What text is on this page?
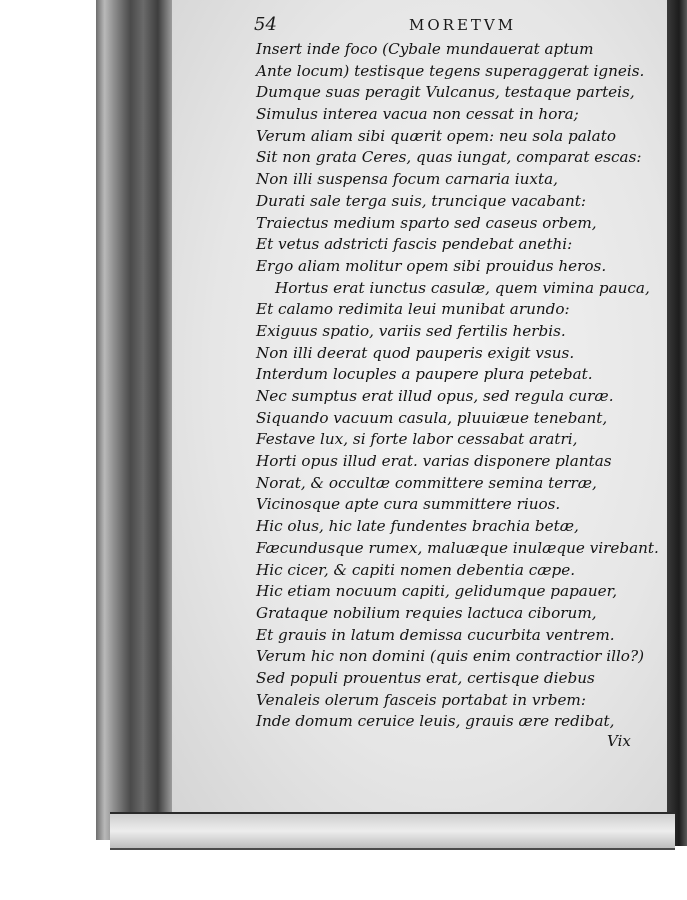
54	MORETVM
Insert inde foco (Cybale mundauerat aptum
Ante locum) testisque tegens superaggerat igneis.
Dumque suas peragit Vulcanus, testaque parteis,
Simulus interea vacua non cessat in hora;
Verum aliam sibi quærit opem: neu sola palato
Sit non grata Ceres, quas iungat, comparat escas:
Non illi suspensa focum carnaria iuxta,
Durati sale terga suis, truncique vacabant:
Traiectus medium sparto sed caseus orbem,
Et vetus adstricti fascis pendebat anethi:
Ergo aliam molitur opem sibi prouidus heros.
Hortus erat iunctus casulæ, quem vimina pauca,
Et calamo redimita leui munibat arundo:
Exiguus spatio, variis sed fertilis herbis.
Non illi deerat quod pauperis exigit vsus.
Interdum locuples a paupere plura petebat.
Nec sumptus erat illud opus, sed regula curæ.
Siquando vacuum casula, pluuiæue tenebant,
Festave lux, si forte labor cessabat aratri,
Horti opus illud erat. varias disponere plantas
Norat, & occultæ committere semina terræ,
Vicinosque apte cura summittere riuos.
Hic olus, hic late fundentes brachia betæ,
Fæcundusque rumex, maluæque inulæque virebant.
Hic cicer, & capiti nomen debentia cæpe.
Hic etiam nocuum capiti, gelidumque papauer,
Grataque nobilium requies lactuca ciborum,
Et grauis in latum demissa cucurbita ventrem.
Verum hic non domini (quis enim contractior illo?)
Sed populi prouentus erat, certisque diebus
Venaleis olerum fasceis portabat in vrbem:
Inde domum ceruice leuis, grauis ære redibat,
Vix
